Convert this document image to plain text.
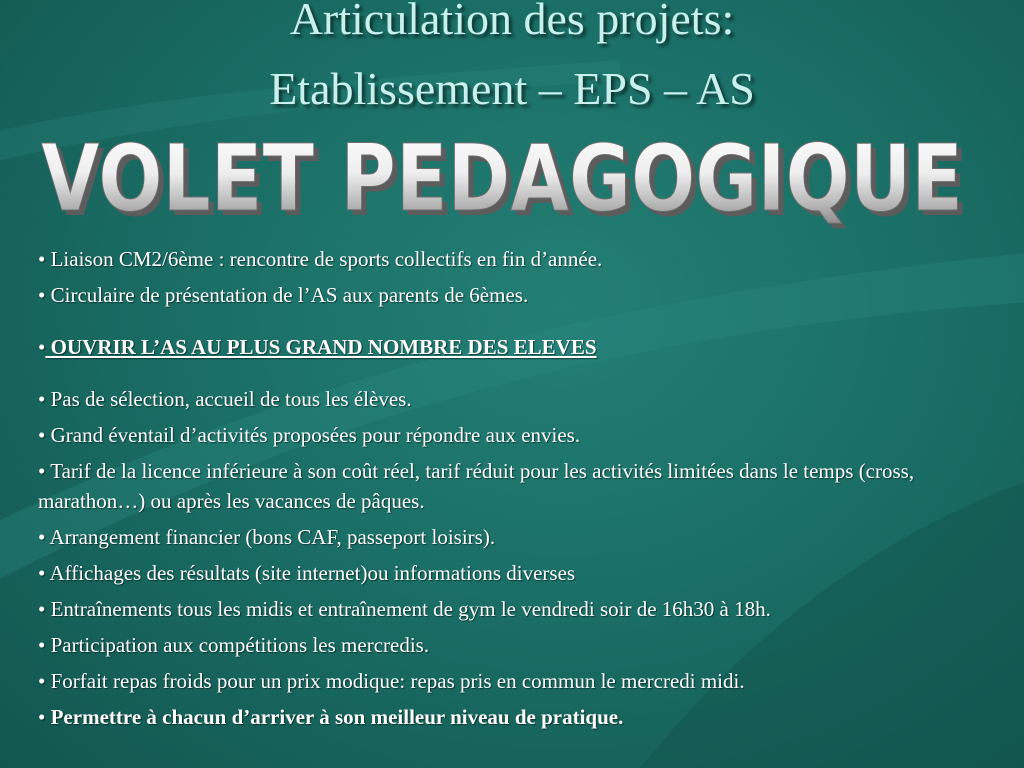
Articulation des projets:
Etablissement – EPS – AS
VOLET PEDAGOGIQUE
VOLET PEDAGOGIQUE
• Liaison CM2/6ème : rencontre de sports collectifs en fin d’année.
• Circulaire de présentation de l’AS aux parents de 6èmes.
• OUVRIR L’AS AU PLUS GRAND NOMBRE DES ELEVES
• Pas de sélection, accueil de tous les élèves.
• Grand éventail d’activités proposées pour répondre aux envies.
• Tarif de la licence inférieure à son coût réel, tarif réduit pour les activités limitées dans le temps (cross, marathon…) ou après les vacances de pâques.
• Arrangement financier (bons CAF, passeport loisirs).
• Affichages des résultats (site internet)ou informations diverses
• Entraînements tous les midis et entraînement de gym le vendredi soir de 16h30 à 18h.
• Participation aux compétitions les mercredis.
• Forfait repas froids pour un prix modique: repas pris en commun le mercredi midi.
• Permettre à chacun d’arriver à son meilleur niveau de pratique.
